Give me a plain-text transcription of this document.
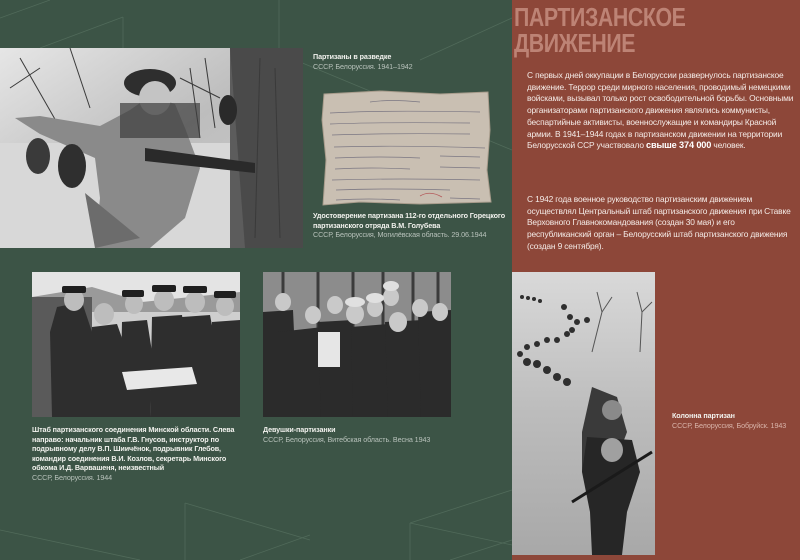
Партизаны в разведке
СССР, Белоруссия. 1941–1942
Удостоверение партизана 112-го отдельного Горецкого партизанского отряда В.М. Голубева
СССР, Белоруссия, Могилёвская область. 29.06.1944
Штаб партизанского соединения Минской области. Слева направо: начальник штаба Г.В. Гнусов, инструктор по подрывному делу В.П. Шиичёнок, подрывник Глебов, командир соединения В.И. Козлов, секретарь Минского обкома И.Д. Варвашеня, неизвестный
СССР, Белоруссия. 1944
Девушки-партизанки
СССР, Белоруссия, Витебская область. Весна 1943
ПАРТИЗАНСКОЕ
ДВИЖЕНИЕ

С первых дней оккупации в Белоруссии развернулось партизанское движение. Террор среди мирного населения, проводимый немецкими войсками, вызывал только рост освободительной борьбы. Основными организаторами партизанского движения являлись коммунисты, беспартийные активисты, военнослужащие и командиры Красной армии. В 1941–1944 годах в партизанском движении на территории Белорусской ССР участвовало свыше 374 000 человек.

С 1942 года военное руководство партизанским движением осуществлял Центральный штаб партизанского движения при Ставке Верховного Главнокомандования (создан 30 мая) и его республиканский орган – Белорусский штаб партизанского движения (создан 9 сентября).

Колонна партизан
СССР, Белоруссия, Бобруйск. 1943
